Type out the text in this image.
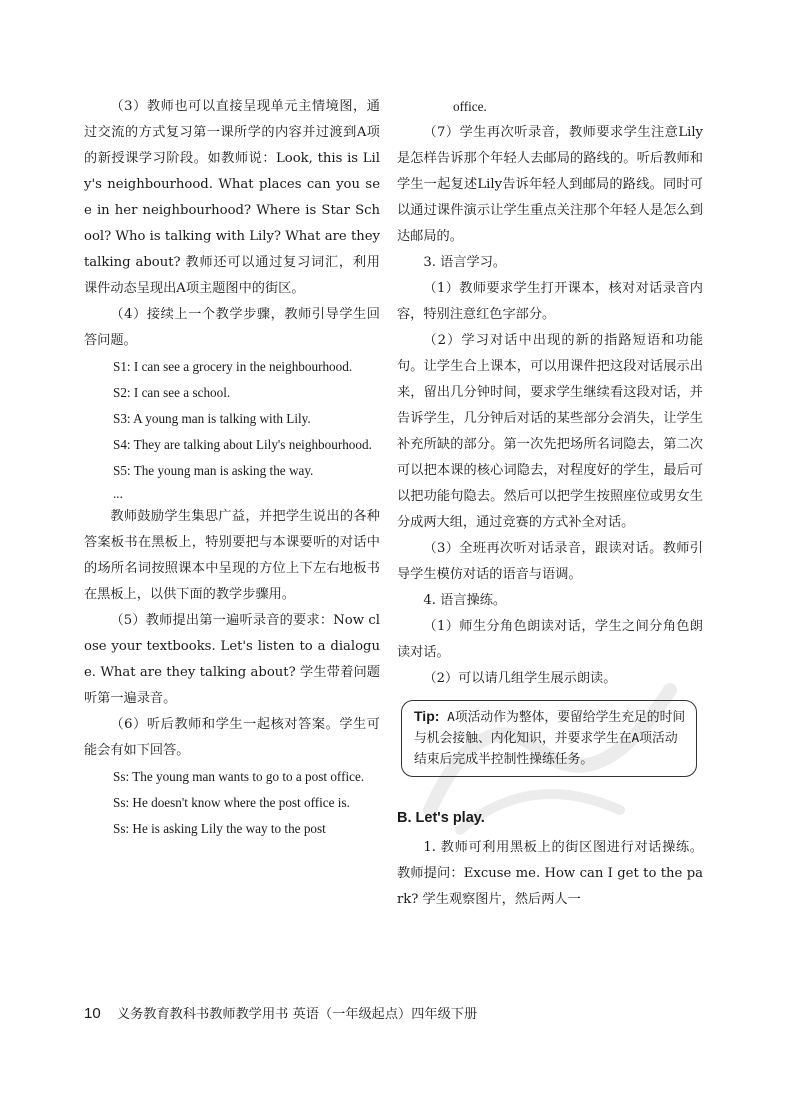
（3）教师也可以直接呈现单元主情境图，通过交流的方式复习第一课所学的内容并过渡到A项的新授课学习阶段。如教师说：Look, this is Lily's neighbourhood. What places can you see in her neighbourhood? Where is Star School? Who is talking with Lily? What are they talking about? 教师还可以通过复习词汇，利用课件动态呈现出A项主题图中的街区。

（4）接续上一个教学步骤，教师引导学生回答问题。

S1: I can see a grocery in the neighbourhood.

S2: I can see a school.

S3: A young man is talking with Lily.

S4: They are talking about Lily's neighbourhood.

S5: The young man is asking the way.

...

教师鼓励学生集思广益，并把学生说出的各种答案板书在黑板上，特别要把与本课要听的对话中的场所名词按照课本中呈现的方位上下左右地板书在黑板上，以供下面的教学步骤用。

（5）教师提出第一遍听录音的要求：Now close your textbooks. Let's listen to a dialogue. What are they talking about? 学生带着问题听第一遍录音。

（6）听后教师和学生一起核对答案。学生可能会有如下回答。

Ss: The young man wants to go to a post office.

Ss: He doesn't know where the post office is.

Ss: He is asking Lily the way to the post

office.

（7）学生再次听录音，教师要求学生注意Lily是怎样告诉那个年轻人去邮局的路线的。听后教师和学生一起复述Lily告诉年轻人到邮局的路线。同时可以通过课件演示让学生重点关注那个年轻人是怎么到达邮局的。

3. 语言学习。

（1）教师要求学生打开课本，核对对话录音内容，特别注意红色字部分。

（2）学习对话中出现的新的指路短语和功能句。让学生合上课本，可以用课件把这段对话展示出来，留出几分钟时间，要求学生继续看这段对话，并告诉学生，几分钟后对话的某些部分会消失，让学生补充所缺的部分。第一次先把场所名词隐去，第二次可以把本课的核心词隐去，对程度好的学生，最后可以把功能句隐去。然后可以把学生按照座位或男女生分成两大组，通过竞赛的方式补全对话。

（3）全班再次听对话录音，跟读对话。教师引导学生模仿对话的语音与语调。

4. 语言操练。

（1）师生分角色朗读对话，学生之间分角色朗读对话。

（2）可以请几组学生展示朗读。

Tip: A项活动作为整体，要留给学生充足的时间与机会接触、内化知识，并要求学生在A项活动结束后完成半控制性操练任务。
B. Let's play.

1. 教师可利用黑板上的街区图进行对话操练。教师提问：Excuse me. How can I get to the park? 学生观察图片，然后两人一

10 义务教育教科书教师教学用书 英语（一年级起点）四年级下册
